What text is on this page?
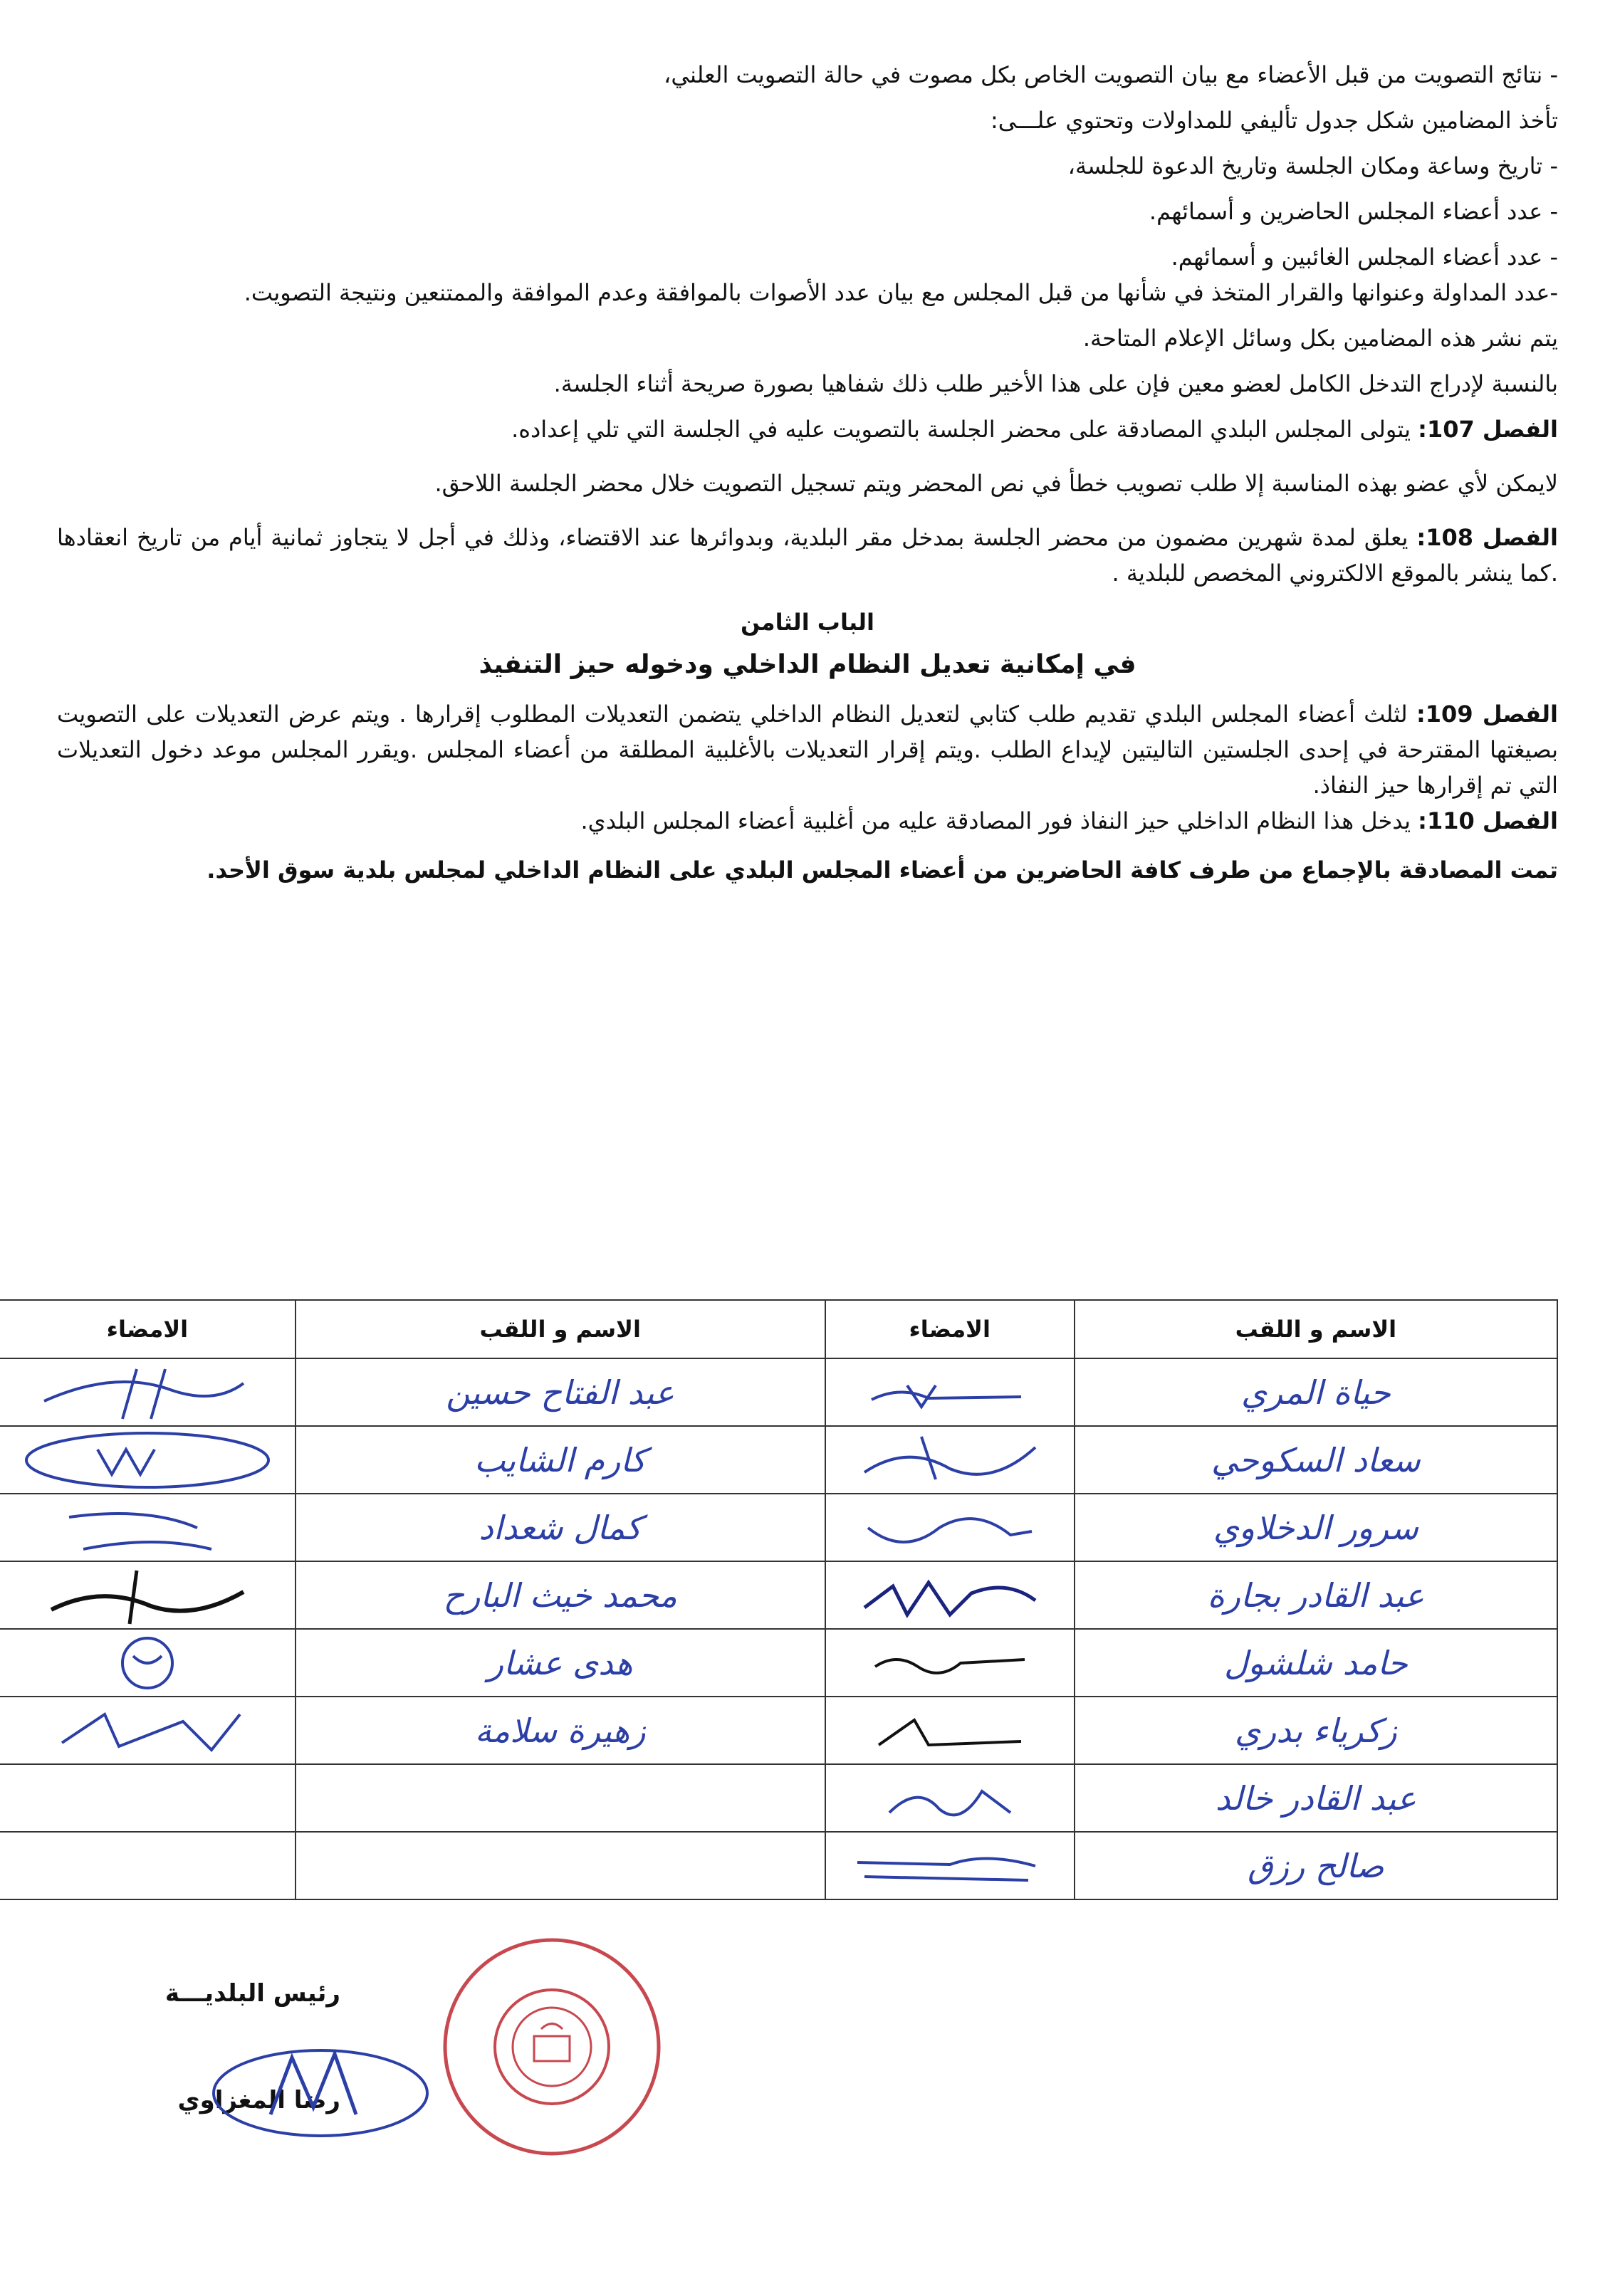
- نتائج التصويت من قبل الأعضاء مع بيان التصويت الخاص بكل مصوت في حالة التصويت العلني،

تأخذ المضامين شكل جدول تأليفي للمداولات وتحتوي علـــى:

- تاريخ وساعة ومكان الجلسة وتاريخ الدعوة للجلسة،

- عدد أعضاء المجلس الحاضرين و أسمائهم.

- عدد أعضاء المجلس الغائبين و أسمائهم.

-عدد المداولة وعنوانها والقرار المتخذ في شأنها من قبل المجلس مع بيان عدد الأصوات بالموافقة وعدم الموافقة والممتنعين ونتيجة التصويت.

يتم نشر هذه المضامين بكل وسائل الإعلام المتاحة.

بالنسبة لإدراج التدخل الكامل لعضو معين فإن على هذا الأخير طلب ذلك شفاهيا بصورة صريحة أثناء الجلسة.

الفصل 107: يتولى المجلس البلدي المصادقة على محضر الجلسة بالتصويت عليه في الجلسة التي تلي إعداده.

لايمكن لأي عضو بهذه المناسبة إلا طلب تصويب خطأ في نص المحضر ويتم تسجيل التصويت خلال محضر الجلسة اللاحق.

الفصل 108: يعلق لمدة شهرين مضمون من محضر الجلسة بمدخل مقر البلدية، وبدوائرها عند الاقتضاء، وذلك في أجل لا يتجاوز ثمانية أيام من تاريخ انعقادها .كما ينشر بالموقع الالكتروني المخصص للبلدية .

الباب الثامن
في إمكانية تعديل النظام الداخلي ودخوله حيز التنفيذ

الفصل 109: لثلث أعضاء المجلس البلدي تقديم طلب كتابي لتعديل النظام الداخلي يتضمن التعديلات المطلوب إقرارها . ويتم عرض التعديلات على التصويت بصيغتها المقترحة في إحدى الجلستين التاليتين لإيداع الطلب .ويتم إقرار التعديلات بالأغلبية المطلقة من أعضاء المجلس .ويقرر المجلس موعد دخول التعديلات التي تم إقرارها حيز النفاذ.

الفصل 110: يدخل هذا النظام الداخلي حيز النفاذ فور المصادقة عليه من أغلبية أعضاء المجلس البلدي.

تمت المصادقة بالإجماع من طرف كافة الحاضرين من أعضاء المجلس البلدي على النظام الداخلي لمجلس بلدية سوق الأحد.
الاسم و اللقب	الامضاء	الاسم و اللقب	الامضاء
حياة المري		عبد الفتاح حسين	

سعاد السكوحي		كارم الشايب	

سرور الدخلاوي		كمال شعداد	

عبد القادر بجارة		محمد خيث البارح	

حامد شلشول		هدى عشار	

زكرياء بدري		زهيرة سلامة	

عبد القادر خالد	

صالح رزق	

رئيس البلديـــة
رضا المغزاوي
